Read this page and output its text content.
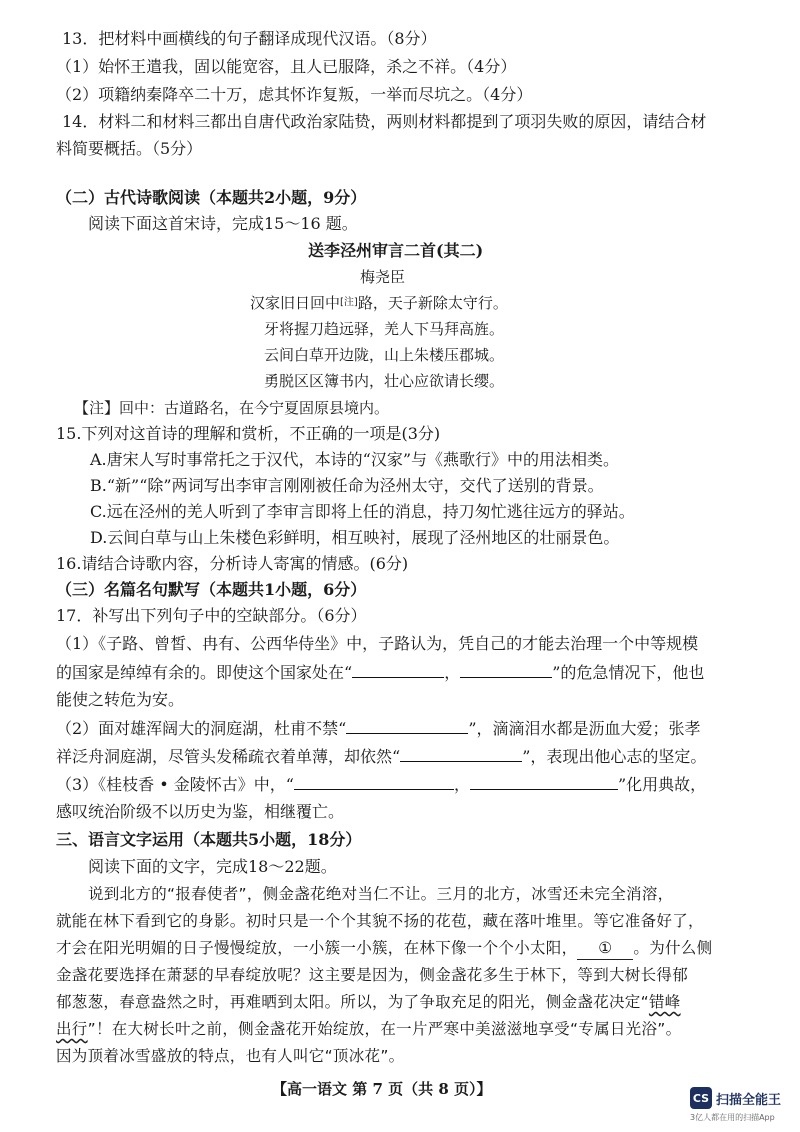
13．把材料中画横线的句子翻译成现代汉语。（8分）
（1）始怀王遣我，固以能宽容，且人已服降，杀之不祥。（4分）
（2）项籍纳秦降卒二十万，虑其怀诈复叛，一举而尽坑之。（4分）
14．材料二和材料三都出自唐代政治家陆贽，两则材料都提到了项羽失败的原因，请结合材
料简要概括。（5分）
（二）古代诗歌阅读（本题共2小题，9分）
阅读下面这首宋诗，完成15～16 题。
送李泾州审言二首(其二)
梅尧臣
汉家旧日回中[注]路，天子新除太守行。
牙将握刀趋远驿，羌人下马拜高旌。
云间白草开边陇，山上朱楼压郡城。
勇脱区区簿书内，壮心应欲请长缨。
【注】回中：古道路名，在今宁夏固原县境内。
15.下列对这首诗的理解和赏析，不正确的一项是(3分)
A.唐宋人写时事常托之于汉代，本诗的“汉家”与《燕歌行》中的用法相类。
B.“新”“除”两词写出李审言刚刚被任命为泾州太守，交代了送别的背景。
C.远在泾州的羌人听到了李审言即将上任的消息，持刀匆忙逃往远方的驿站。
D.云间白草与山上朱楼色彩鲜明，相互映衬，展现了泾州地区的壮丽景色。
16.请结合诗歌内容，分析诗人寄寓的情感。(6分)
（三）名篇名句默写（本题共1小题，6分）
17．补写出下列句子中的空缺部分。（6分）
（1）《子路、曾皙、冉有、公西华侍坐》中，子路认为，凭自己的才能去治理一个中等规模
的国家是绰绰有余的。即使这个国家处在“	，	”的危急情况下，他也
能使之转危为安。
（2）面对雄浑阔大的洞庭湖，杜甫不禁“	”，滴滴泪水都是沥血大爱；张孝
祥泛舟洞庭湖，尽管头发稀疏衣着单薄，却依然“	”，表现出他心志的坚定。
（3）《桂枝香 • 金陵怀古》中，“	，	”化用典故，
感叹统治阶级不以历史为鉴，相继覆亡。
三、语言文字运用（本题共5小题，18分）
阅读下面的文字，完成18～22题。
说到北方的“报春使者”，侧金盏花绝对当仁不让。三月的北方，冰雪还未完全消溶，
就能在林下看到它的身影。初时只是一个个其貌不扬的花苞，藏在落叶堆里。等它准备好了，
才会在阳光明媚的日子慢慢绽放，一小簇一小簇，在林下像一个个小太阳， ① 。为什么侧
金盏花要选择在萧瑟的早春绽放呢？这主要是因为，侧金盏花多生于林下，等到大树长得郁
郁葱葱，春意盎然之时，再难晒到太阳。所以，为了争取充足的阳光，侧金盏花决定“错峰
出行”！在大树长叶之前，侧金盏花开始绽放，在一片严寒中美滋滋地享受“专属日光浴”。
因为顶着冰雪盛放的特点，也有人叫它“顶冰花”。
【高一语文 第 7 页（共 8 页）】	CS 扫描全能王
3亿人都在用的扫描App
